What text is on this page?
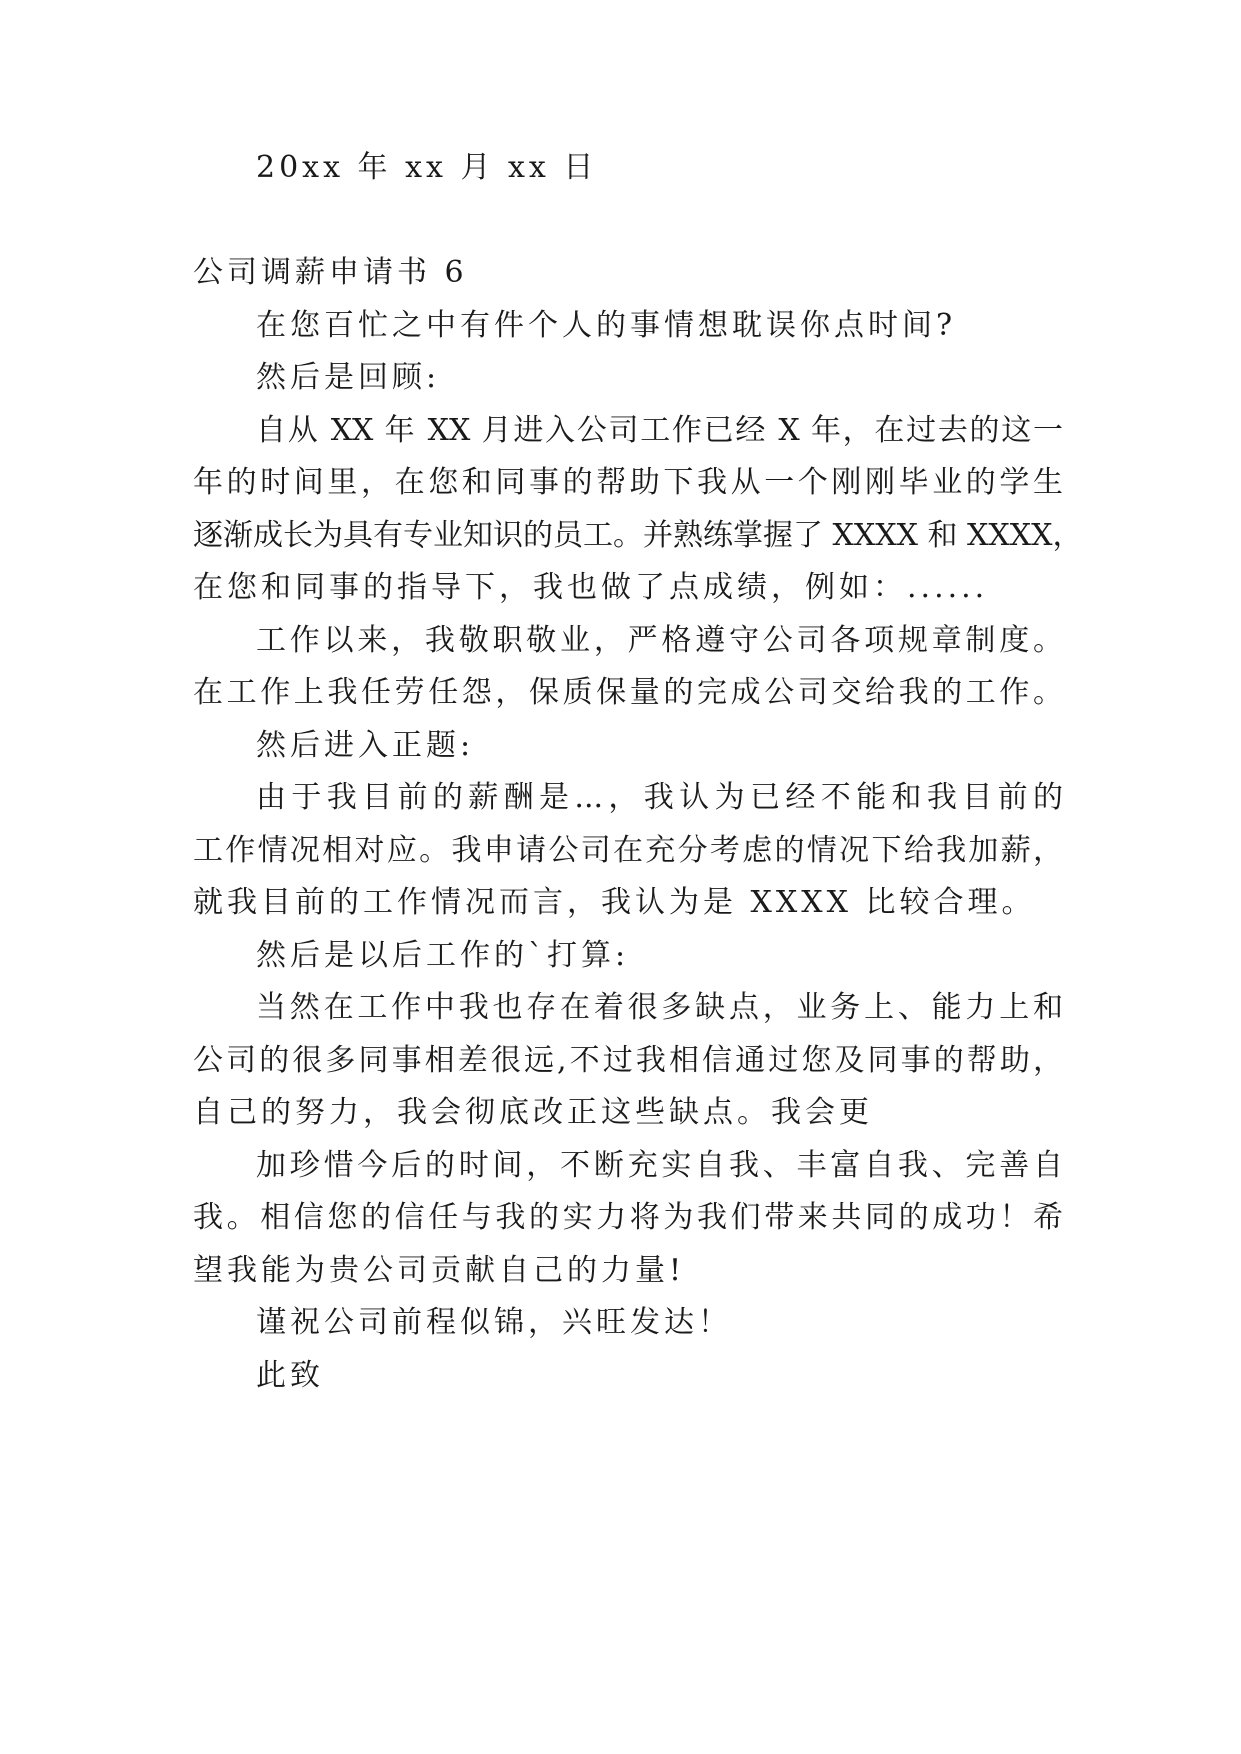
20xx 年 xx 月 xx 日
公司调薪申请书 6
在您百忙之中有件个人的事情想耽误你点时间?
然后是回顾:
自从 XX 年 XX 月进入公司工作已经 X 年，在过去的这一
年的时间里，在您和同事的帮助下我从一个刚刚毕业的学生
逐渐成长为具有专业知识的员工。并熟练掌握了 XXXX 和 XXXX，
在您和同事的指导下，我也做了点成绩，例如：......
工作以来，我敬职敬业，严格遵守公司各项规章制度。
在工作上我任劳任怨，保质保量的完成公司交给我的工作。
然后进入正题:
由于我目前的薪酬是...，我认为已经不能和我目前的
工作情况相对应。我申请公司在充分考虑的情况下给我加薪，
就我目前的工作情况而言，我认为是 XXXX 比较合理。
然后是以后工作的`打算:
当然在工作中我也存在着很多缺点，业务上、能力上和
公司的很多同事相差很远,不过我相信通过您及同事的帮助，
自己的努力，我会彻底改正这些缺点。我会更
加珍惜今后的时间，不断充实自我、丰富自我、完善自
我。相信您的信任与我的实力将为我们带来共同的成功！希
望我能为贵公司贡献自己的力量!
谨祝公司前程似锦，兴旺发达！
此致
